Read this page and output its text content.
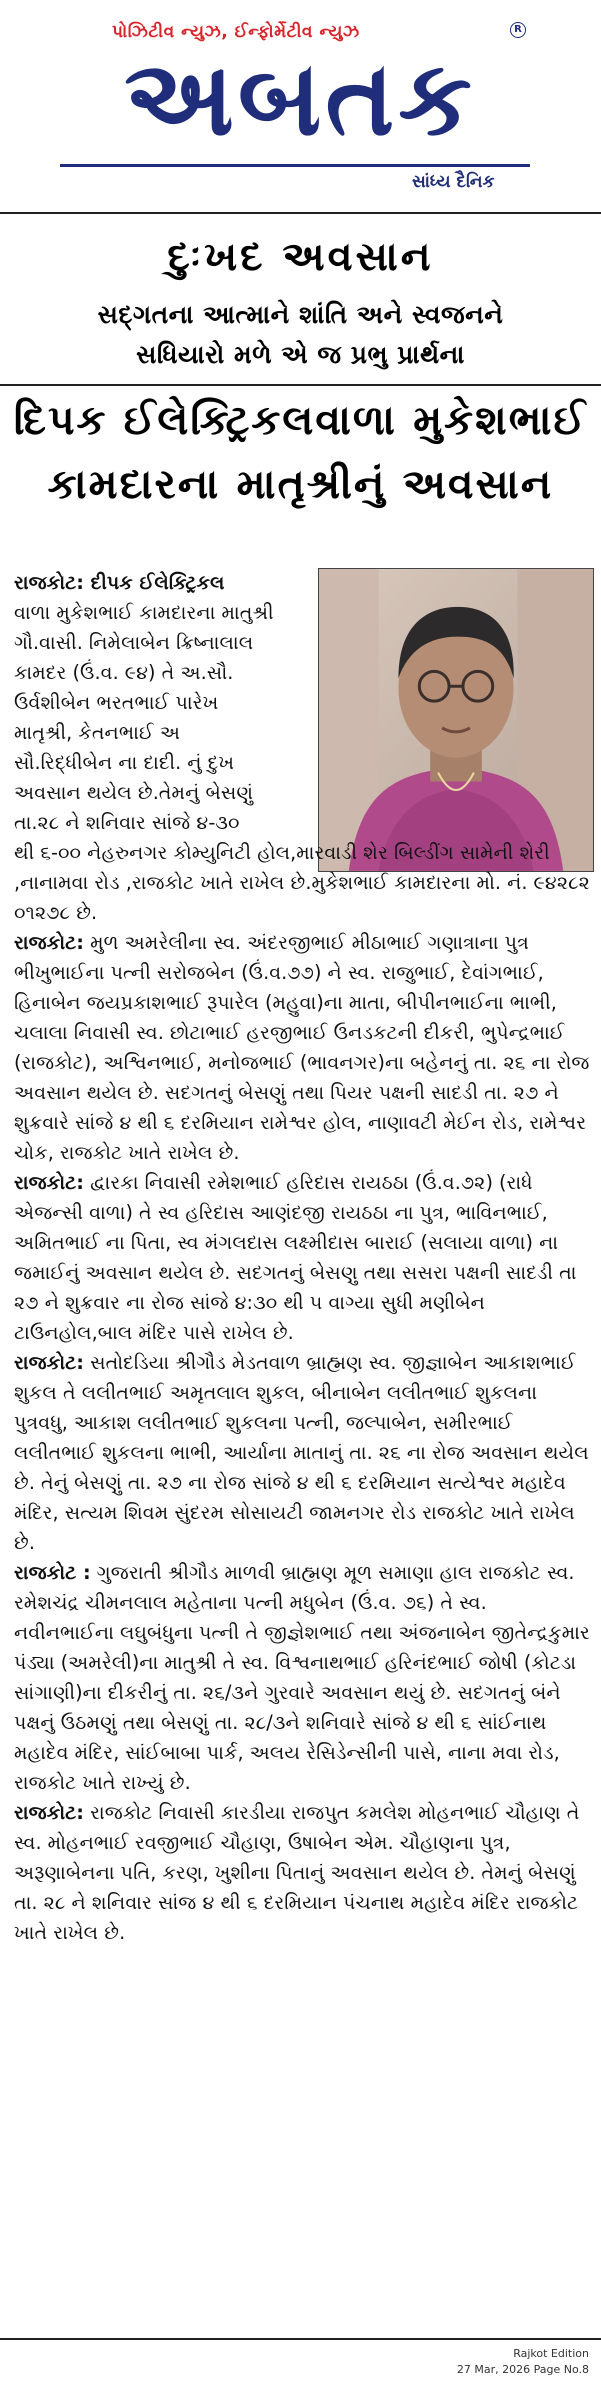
પોઝિટીવ ન્યુઝ, ઈન્ફોર્મેટીવ ન્યુઝ	R
અબતક
સાંધ્ય દૈનિક
દુઃખદ અવસાન
સદ્‌ગતના આત્માને શાંતિ અને સ્વજનને
સધિયારો મળે એ જ પ્રભુ પ્રાર્થના
દિપક ઈલેક્ટ્રિકલવાળા મુકેશભાઈ
કામદારના માતૃશ્રીનું અવસાન
રાજકોટ: દીપક ઈલેક્ટ્રિકલ
વાળા મુકેશભાઈ કામદારના માતુશ્રી
ગૌ.વાસી. નિમેલાબેન ક્રિષ્નાલાલ
કામદર (ઉં.વ. ૯૪) તે અ.સૌ.
ઉર્વશીબેન ભરતભાઈ પારેખ
માતૃશ્રી, કેતનભાઈ અ
સૌ.રિદ્ધીબેન ના દાદી. નું દુખ
અવસાન થયેલ છે.તેમનું બેસણું
તા.૨૮ ને શનિવાર સાંજે ૪-૩૦

થી ૬-૦૦ નેહરુનગર કોમ્યુનિટી હોલ,મારવાડી શેર બિલ્ડીંગ સામેની શેરી ,નાનામવા રોડ ,રાજકોટ ખાતે રાખેલ છે.મુકેશભાઈ કામદારના મો. નં. ૯૪૨૮૨ ૦૧૨૭૮ છે.

રાજકોટ: મુળ અમરેલીના સ્વ. અંદરજીભાઈ મીઠાભાઈ ગણાત્રાના પુત્ર ભીખુભાઈના પત્ની સરોજબેન (ઉં.વ.૭૭) ને સ્વ. રાજુભાઈ, દેવાંગભાઈ, હિનાબેન જયપ્રકાશભાઈ રૂપારેલ (મહુવા)ના માતા, બીપીનભાઈના ભાભી, ચલાલા નિવાસી સ્વ. છોટાભાઈ હરજીભાઈ ઉનડકટની દીકરી, ભુપેન્દ્રભાઈ (રાજકોટ), અશ્વિનભાઈ, મનોજભાઈ (ભાવનગર)ના બહેનનું તા. ૨૬ ના રોજ અવસાન થયેલ છે. સદગતનું બેસણું તથા પિયર પક્ષની સાદડી તા. ૨૭ ને શુક્રવારે સાંજે ૪ થી ૬ દરમિયાન રામેશ્વર હોલ, નાણાવટી મેઈન રોડ, રામેશ્વર ચોક, રાજકોટ ખાતે રાખેલ છે.

રાજકોટ: દ્વારકા નિવાસી રમેશભાઈ હરિદાસ રાયઠઠા (ઉં.વ.૭૨) (રાધે એજન્સી વાળા) તે સ્વ હરિદાસ આણંદજી રાયઠઠા ના પુત્ર, ભાવિનભાઈ, અમિતભાઈ ના પિતા, સ્વ મંગલદાસ લક્ષ્મીદાસ બારાઈ (સલાયા વાળા) ના જમાઈનું અવસાન થયેલ છે. સદગતનું બેસણુ તથા સસરા પક્ષની સાદડી તા ૨૭ ને શુક્રવાર ના રોજ સાંજે ૪:૩૦ થી ૫ વાગ્યા સુધી મણીબેન ટાઉનહોલ,બાલ મંદિર પાસે રાખેલ છે.

રાજકોટ: સતોદડિયા શ્રીગૌડ મેડતવાળ બ્રાહ્મણ સ્વ. જીજ્ઞાબેન આકાશભાઈ શુકલ તે લલીતભાઈ અમૃતલાલ શુકલ, બીનાબેન લલીતભાઈ શુકલના પુત્રવધુ, આકાશ લલીતભાઈ શુકલના પત્ની, જલ્પાબેન, સમીરભાઈ લલીતભાઈ શુકલના ભાભી, આર્યાના માતાનું તા. ૨૬ ના રોજ અવસાન થયેલ છે. તેનું બેસણું તા. ૨૭ ના રોજ સાંજે ૪ થી ૬ દરમિયાન સત્યેશ્વર મહાદેવ મંદિર, સત્યમ શિવમ સુંદરમ સોસાયટી જામનગર રોડ રાજકોટ ખાતે રાખેલ છે.

રાજકોટ : ગુજરાતી શ્રીગૌડ માળવી બ્રાહ્મણ મૂળ સમાણા હાલ રાજકોટ સ્વ. રમેશચંદ્ર ચીમનલાલ મહેતાના પત્ની મધુબેન (ઉં.વ. ૭૬) તે સ્વ. નવીનભાઈના લઘુબંધુના પત્ની તે જીજ્ઞેશભાઈ તથા અંજનાબેન જીતેન્દ્રકુમાર પંડ્યા (અમરેલી)ના માતુશ્રી તે સ્વ. વિશ્વનાથભાઈ હરિનંદભાઈ જોષી (કોટડા સાંગાણી)ના દીકરીનું તા. ૨૬/૩ને ગુરવારે અવસાન થયું છે. સદગતનું બંને પક્ષનું ઉઠમણું તથા બેસણું તા. ૨૮/૩ને શનિવારે સાંજે ૪ થી ૬ સાંઈનાથ મહાદેવ મંદિર, સાંઈબાબા પાર્ક, અલય રેસિડેન્સીની પાસે, નાના મવા રોડ, રાજકોટ ખાતે રાખ્યું છે.

રાજકોટ: રાજકોટ નિવાસી કારડીયા રાજપુત કમલેશ મોહનભાઈ ચૌહાણ તે સ્વ. મોહનભાઈ રવજીભાઈ ચૌહાણ, ઉષાબેન એમ. ચૌહાણના પુત્ર, અરૂણાબેનના પતિ, કરણ, ખુશીના પિતાનું અવસાન થયેલ છે. તેમનું બેસણું તા. ૨૮ ને શનિવાર સાંજ ૪ થી ૬ દરમિયાન પંચનાથ મહાદેવ મંદિર રાજકોટ ખાતે રાખેલ છે.

Rajkot Edition
27 Mar, 2026 Page No.8
